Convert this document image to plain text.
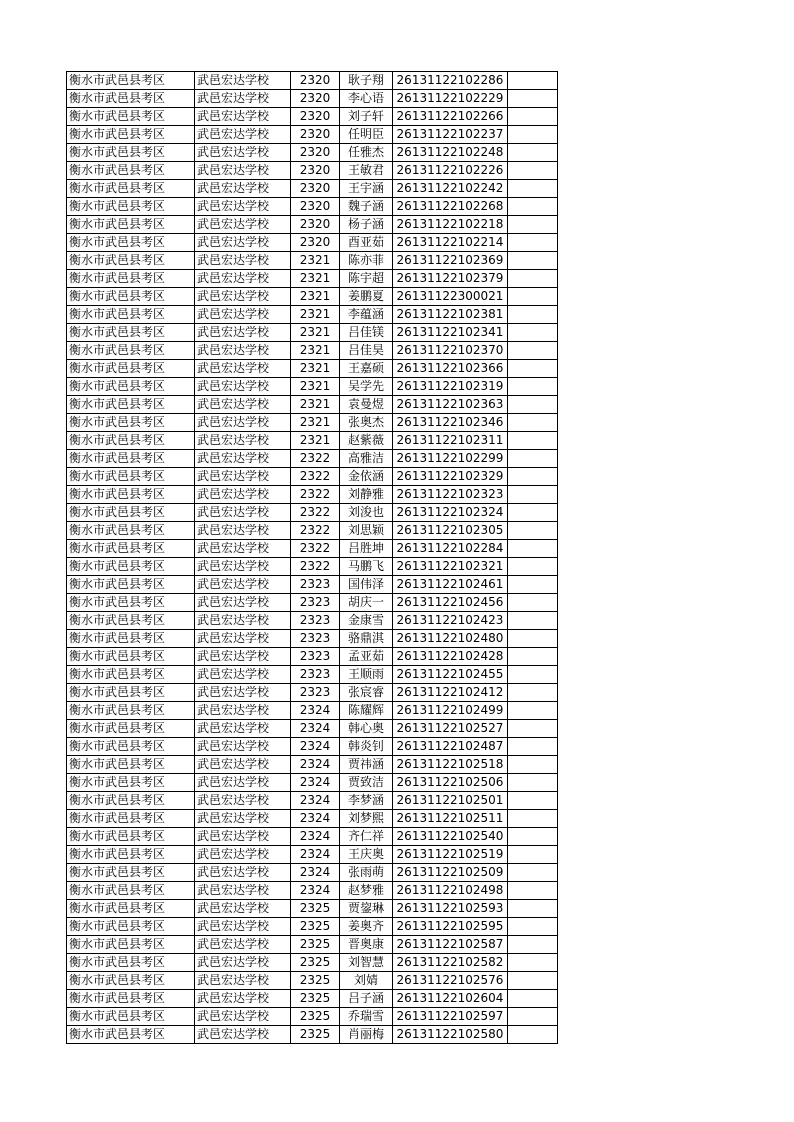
衡水市武邑县考区	武邑宏达学校	2320	耿子翔	26131122102286	
衡水市武邑县考区	武邑宏达学校	2320	李心语	26131122102229	
衡水市武邑县考区	武邑宏达学校	2320	刘子轩	26131122102266	
衡水市武邑县考区	武邑宏达学校	2320	任明臣	26131122102237	
衡水市武邑县考区	武邑宏达学校	2320	任雅杰	26131122102248	
衡水市武邑县考区	武邑宏达学校	2320	王敏君	26131122102226	
衡水市武邑县考区	武邑宏达学校	2320	王宇涵	26131122102242	
衡水市武邑县考区	武邑宏达学校	2320	魏子涵	26131122102268	
衡水市武邑县考区	武邑宏达学校	2320	杨子涵	26131122102218	
衡水市武邑县考区	武邑宏达学校	2320	酉亚茹	26131122102214	
衡水市武邑县考区	武邑宏达学校	2321	陈亦菲	26131122102369	
衡水市武邑县考区	武邑宏达学校	2321	陈宇超	26131122102379	
衡水市武邑县考区	武邑宏达学校	2321	姜鹏夏	26131122300021	
衡水市武邑县考区	武邑宏达学校	2321	李蕴涵	26131122102381	
衡水市武邑县考区	武邑宏达学校	2321	吕佳镁	26131122102341	
衡水市武邑县考区	武邑宏达学校	2321	吕佳昊	26131122102370	
衡水市武邑县考区	武邑宏达学校	2321	王嘉硕	26131122102366	
衡水市武邑县考区	武邑宏达学校	2321	吴学先	26131122102319	
衡水市武邑县考区	武邑宏达学校	2321	袁曼煜	26131122102363	
衡水市武邑县考区	武邑宏达学校	2321	张奥杰	26131122102346	
衡水市武邑县考区	武邑宏达学校	2321	赵紫薇	26131122102311	
衡水市武邑县考区	武邑宏达学校	2322	高雅洁	26131122102299	
衡水市武邑县考区	武邑宏达学校	2322	金依涵	26131122102329	
衡水市武邑县考区	武邑宏达学校	2322	刘静雅	26131122102323	
衡水市武邑县考区	武邑宏达学校	2322	刘浚也	26131122102324	
衡水市武邑县考区	武邑宏达学校	2322	刘思颖	26131122102305	
衡水市武邑县考区	武邑宏达学校	2322	吕胜坤	26131122102284	
衡水市武邑县考区	武邑宏达学校	2322	马鹏飞	26131122102321	
衡水市武邑县考区	武邑宏达学校	2323	国伟泽	26131122102461	
衡水市武邑县考区	武邑宏达学校	2323	胡庆一	26131122102456	
衡水市武邑县考区	武邑宏达学校	2323	金康雪	26131122102423	
衡水市武邑县考区	武邑宏达学校	2323	骆鼎淇	26131122102480	
衡水市武邑县考区	武邑宏达学校	2323	孟亚茹	26131122102428	
衡水市武邑县考区	武邑宏达学校	2323	王顺雨	26131122102455	
衡水市武邑县考区	武邑宏达学校	2323	张宸睿	26131122102412	
衡水市武邑县考区	武邑宏达学校	2324	陈耀辉	26131122102499	
衡水市武邑县考区	武邑宏达学校	2324	韩心奥	26131122102527	
衡水市武邑县考区	武邑宏达学校	2324	韩炎钊	26131122102487	
衡水市武邑县考区	武邑宏达学校	2324	贾祎涵	26131122102518	
衡水市武邑县考区	武邑宏达学校	2324	贾致洁	26131122102506	
衡水市武邑县考区	武邑宏达学校	2324	李梦涵	26131122102501	
衡水市武邑县考区	武邑宏达学校	2324	刘梦熙	26131122102511	
衡水市武邑县考区	武邑宏达学校	2324	齐仁祥	26131122102540	
衡水市武邑县考区	武邑宏达学校	2324	王庆奥	26131122102519	
衡水市武邑县考区	武邑宏达学校	2324	张雨萌	26131122102509	
衡水市武邑县考区	武邑宏达学校	2324	赵梦雅	26131122102498	
衡水市武邑县考区	武邑宏达学校	2325	贾鋆琳	26131122102593	
衡水市武邑县考区	武邑宏达学校	2325	姜奥齐	26131122102595	
衡水市武邑县考区	武邑宏达学校	2325	晋奥康	26131122102587	
衡水市武邑县考区	武邑宏达学校	2325	刘智慧	26131122102582	
衡水市武邑县考区	武邑宏达学校	2325	刘婧	26131122102576	
衡水市武邑县考区	武邑宏达学校	2325	吕子涵	26131122102604	
衡水市武邑县考区	武邑宏达学校	2325	乔瑞雪	26131122102597	
衡水市武邑县考区	武邑宏达学校	2325	肖丽梅	26131122102580	
